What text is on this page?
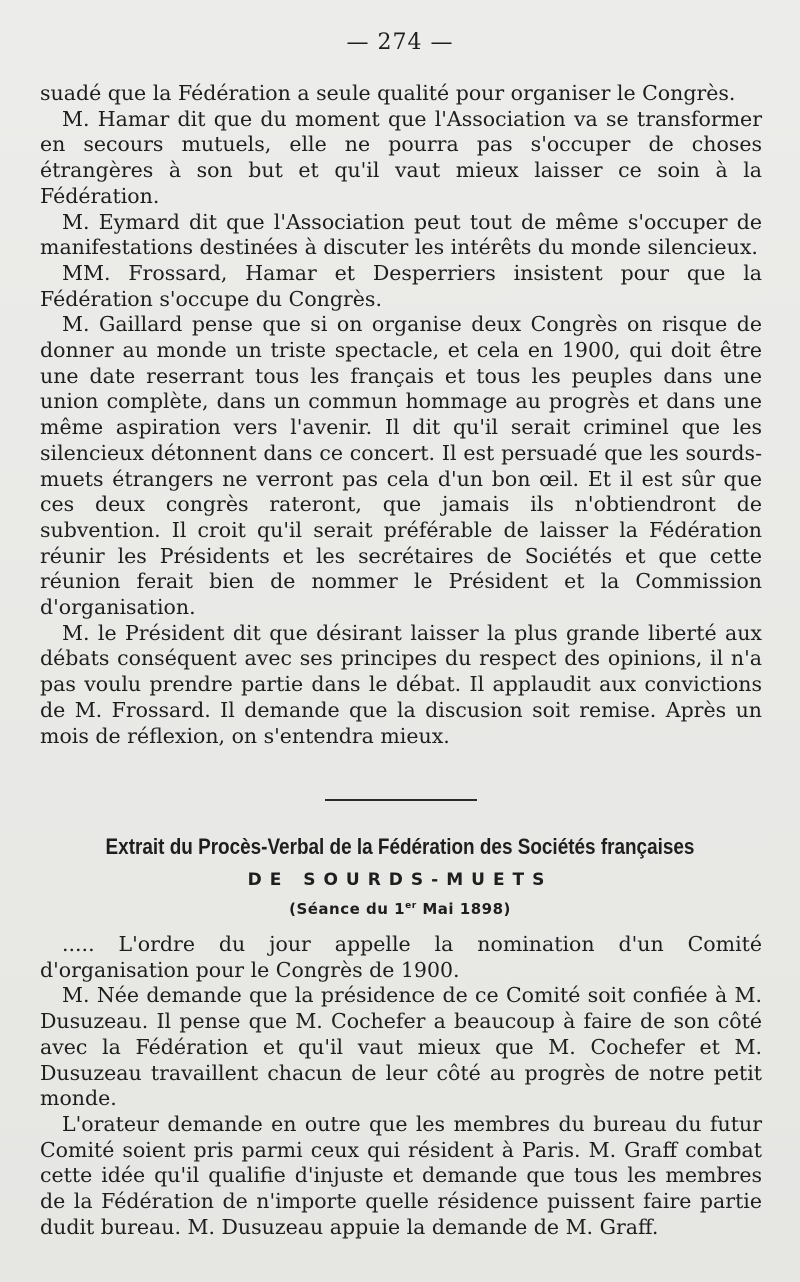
— 274 —

suadé que la Fédération a seule qualité pour organiser le Congrès.

M. Hamar dit que du moment que l'Association va se transformer en secours mutuels, elle ne pourra pas s'occuper de choses étrangères à son but et qu'il vaut mieux laisser ce soin à la Fédération.

M. Eymard dit que l'Association peut tout de même s'occuper de manifestations destinées à discuter les intérêts du monde silencieux.

MM. Frossard, Hamar et Desperriers insistent pour que la Fédération s'occupe du Congrès.

M. Gaillard pense que si on organise deux Congrès on risque de donner au monde un triste spectacle, et cela en 1900, qui doit être une date reserrant tous les français et tous les peuples dans une union complète, dans un commun hommage au progrès et dans une même aspiration vers l'avenir. Il dit qu'il serait criminel que les silencieux détonnent dans ce concert. Il est persuadé que les sourds-muets étrangers ne verront pas cela d'un bon œil. Et il est sûr que ces deux congrès rateront, que jamais ils n'obtiendront de subvention. Il croit qu'il serait préférable de laisser la Fédération réunir les Présidents et les secrétaires de Sociétés et que cette réunion ferait bien de nommer le Président et la Commission d'organisation.

M. le Président dit que désirant laisser la plus grande liberté aux débats conséquent avec ses principes du respect des opinions, il n'a pas voulu prendre partie dans le débat. Il applaudit aux convictions de M. Frossard. Il demande que la discusion soit remise. Après un mois de réflexion, on s'entendra mieux.

Extrait du Procès-Verbal de la Fédération des Sociétés françaises
DE SOURDS-MUETS
(Séance du 1er Mai 1898)

..... L'ordre du jour appelle la nomination d'un Comité d'organisation pour le Congrès de 1900.

M. Née demande que la présidence de ce Comité soit confiée à M. Dusuzeau. Il pense que M. Cochefer a beaucoup à faire de son côté avec la Fédération et qu'il vaut mieux que M. Cochefer et M. Dusuzeau travaillent chacun de leur côté au progrès de notre petit monde.

L'orateur demande en outre que les membres du bureau du futur Comité soient pris parmi ceux qui résident à Paris. M. Graff combat cette idée qu'il qualifie d'injuste et demande que tous les membres de la Fédération de n'importe quelle résidence puissent faire partie dudit bureau. M. Dusuzeau appuie la demande de M. Graff.
